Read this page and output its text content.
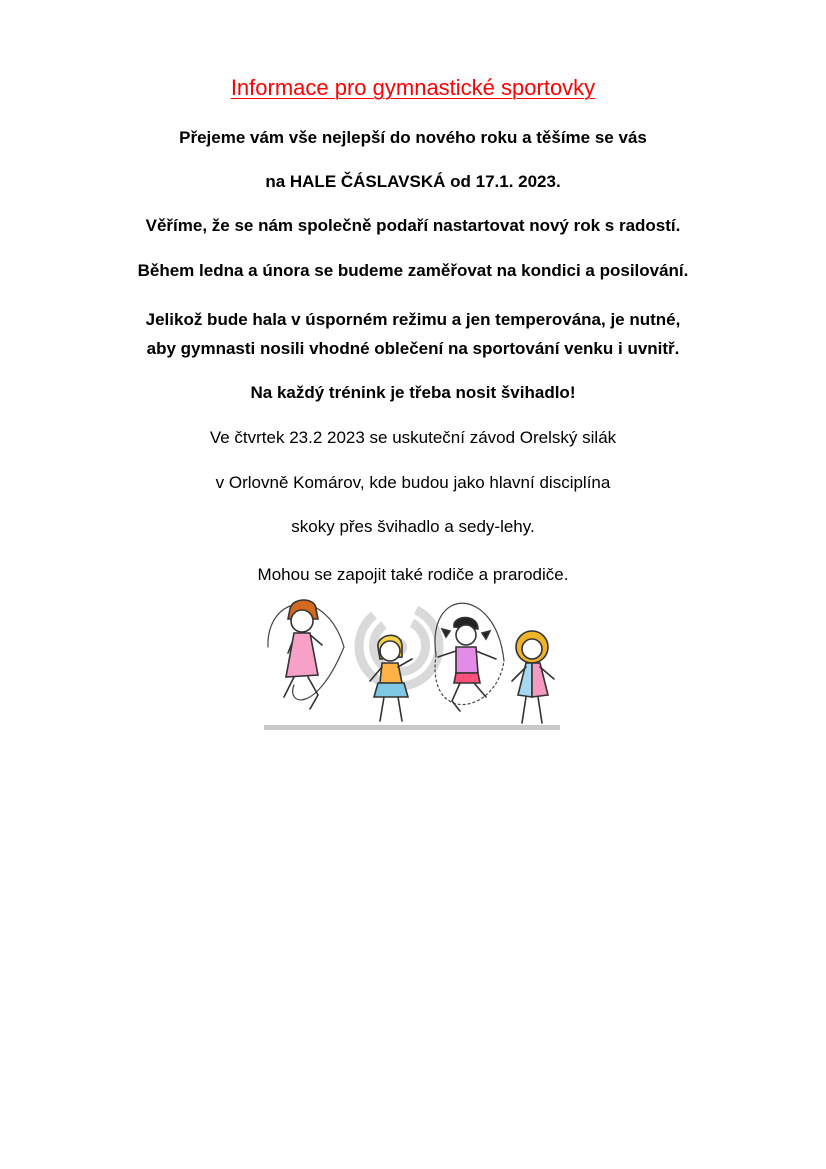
Informace pro gymnastické sportovky
Přejeme vám vše nejlepší do nového roku a těšíme se vás
na HALE ČÁSLAVSKÁ od 17.1. 2023.
Věříme, že se nám společně podaří nastartovat nový rok s radostí.
Během ledna a února se budeme zaměřovat na kondici a posilování.
Jelikož bude hala v úsporném režimu a jen temperována, je nutné,
aby gymnasti nosili vhodné oblečení na sportování venku i uvnitř.
Na každý trénink je třeba nosit švihadlo!
Ve čtvrtek 23.2 2023 se uskuteční závod Orelský silák
v Orlovně Komárov, kde budou jako hlavní disciplína
skoky přes švihadlo a sedy-lehy.
Mohou se zapojit také rodiče a prarodiče.
